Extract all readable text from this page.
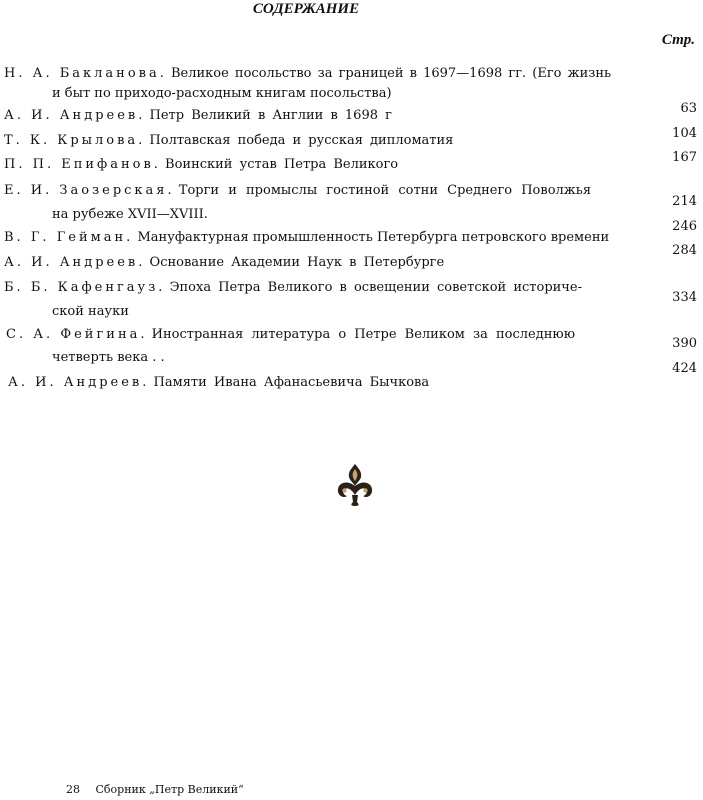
СОДЕРЖАНИЕ
Стр.
Н. А. Бакланова. Великое посольство за границей в 1697—1698 гг. (Его жизнь
и быт по приходо-расходным книгам посольства)
63
А. И. Андреев. Петр Великий в Англии в 1698 г
104
Т. К. Крылова. Полтавская победа и русская дипломатия
167
П. П. Епифанов. Воинский устав Петра Великого
214
Е. И. Заозерская. Торги и промыслы гостиной сотни Среднего Поволжья
на рубеже XVII—XVIII.
246
В. Г. Гейман. Мануфактурная промышленность Петербурга петровского времени
284
А. И. Андреев. Основание Академии Наук в Петербурге
334
Б. Б. Кафенгауз. Эпоха Петра Великого в освещении советской историче-
ской науки
390
С. А. Фейгина. Иностранная литература о Петре Великом за последнюю
четверть века . .
424
А. И. Андреев. Памяти Ивана Афанасьевича Бычкова
28 Сборник „Петр Великий“
